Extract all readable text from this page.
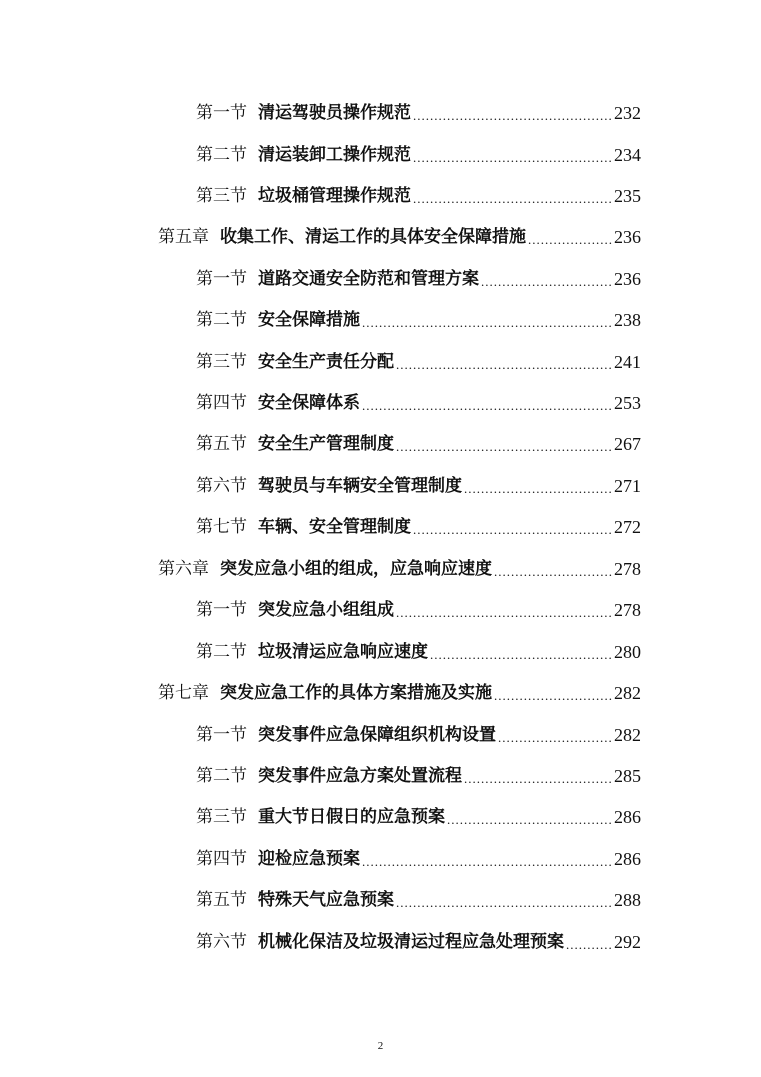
第一节 清运驾驶员操作规范 .....	232
第二节 清运装卸工操作规范 .....	234
第三节 垃圾桶管理操作规范 .....	235
第五章 收集工作、清运工作的具体安全保障措施 .....	236
第一节 道路交通安全防范和管理方案 .....	236
第二节 安全保障措施 .....	238
第三节 安全生产责任分配 .....	241
第四节 安全保障体系 .....	253
第五节 安全生产管理制度 .....	267
第六节 驾驶员与车辆安全管理制度 .....	271
第七节 车辆、安全管理制度 .....	272
第六章 突发应急小组的组成，应急响应速度 .....	278
第一节 突发应急小组组成 .....	278
第二节 垃圾清运应急响应速度 .....	280
第七章 突发应急工作的具体方案措施及实施 .....	282
第一节 突发事件应急保障组织机构设置 .....	282
第二节 突发事件应急方案处置流程 .....	285
第三节 重大节日假日的应急预案 .....	286
第四节 迎检应急预案 .....	286
第五节 特殊天气应急预案 .....	288
第六节 机械化保洁及垃圾清运过程应急处理预案 .....	292
2
